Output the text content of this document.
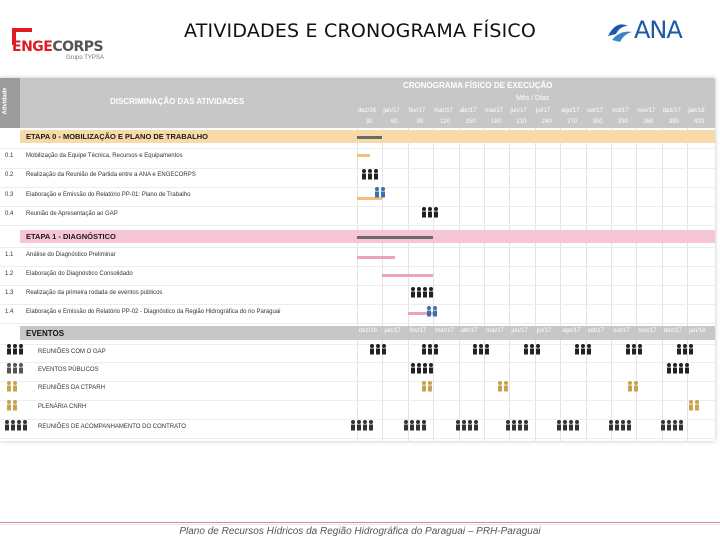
ATIVIDADES E CRONOGRAMA FÍSICO
ENGECORPS
Grupo TYPSA
ANA
Atividade	DISCRIMINAÇÃO DAS ATIVIDADES
CRONOGRAMA FÍSICO DE EXECUÇÃO
Mês / Dias
dez/16
30
jan/17
60
fev/17
90
mar/17
120
abr/17
150
mai/17
180
jun/17
210
jul/17
240
ago/17
270
set/17
300
out/17
330
nov/17
360
dez/17
390
jan/18
420
ETAPA 0 - MOBILIZAÇÃO E PLANO DE TRABALHO
0.1 Mobilização da Equipe Técnica, Recursos e Equipamentos
0.2 Realização da Reunião de Partida entre a ANA e ENGECORPS
0.3 Elaboração e Emissão do Relatório PP-01: Plano de Trabalho
0.4 Reunião de Apresentação ao GAP
ETAPA 1 - DIAGNÓSTICO
1.1 Análise do Diagnóstico Preliminar
1.2 Elaboração do Diagnóstico Consolidado
1.3 Realização da primeira rodada de eventos públicos
1.4 Elaboração e Emissão do Relatório PP-02 - Diagnóstico da Região Hidrográfica do rio Paraguai
EVENTOS	dez/16 jan/17 fev/17 mar/17 abr/17 mai/17 jun/17 jul/17 ago/17 set/17 out/17 nov/17 dez/17 jan/18
REUNIÕES COM O GAP
EVENTOS PÚBLICOS
REUNIÕES DA CTPARH
PLENÁRIA CNRH
REUNIÕES DE ACOMPANHAMENTO DO CONTRATO
Plano de Recursos Hídricos da Região Hidrográfica do Paraguai – PRH-Paraguai
